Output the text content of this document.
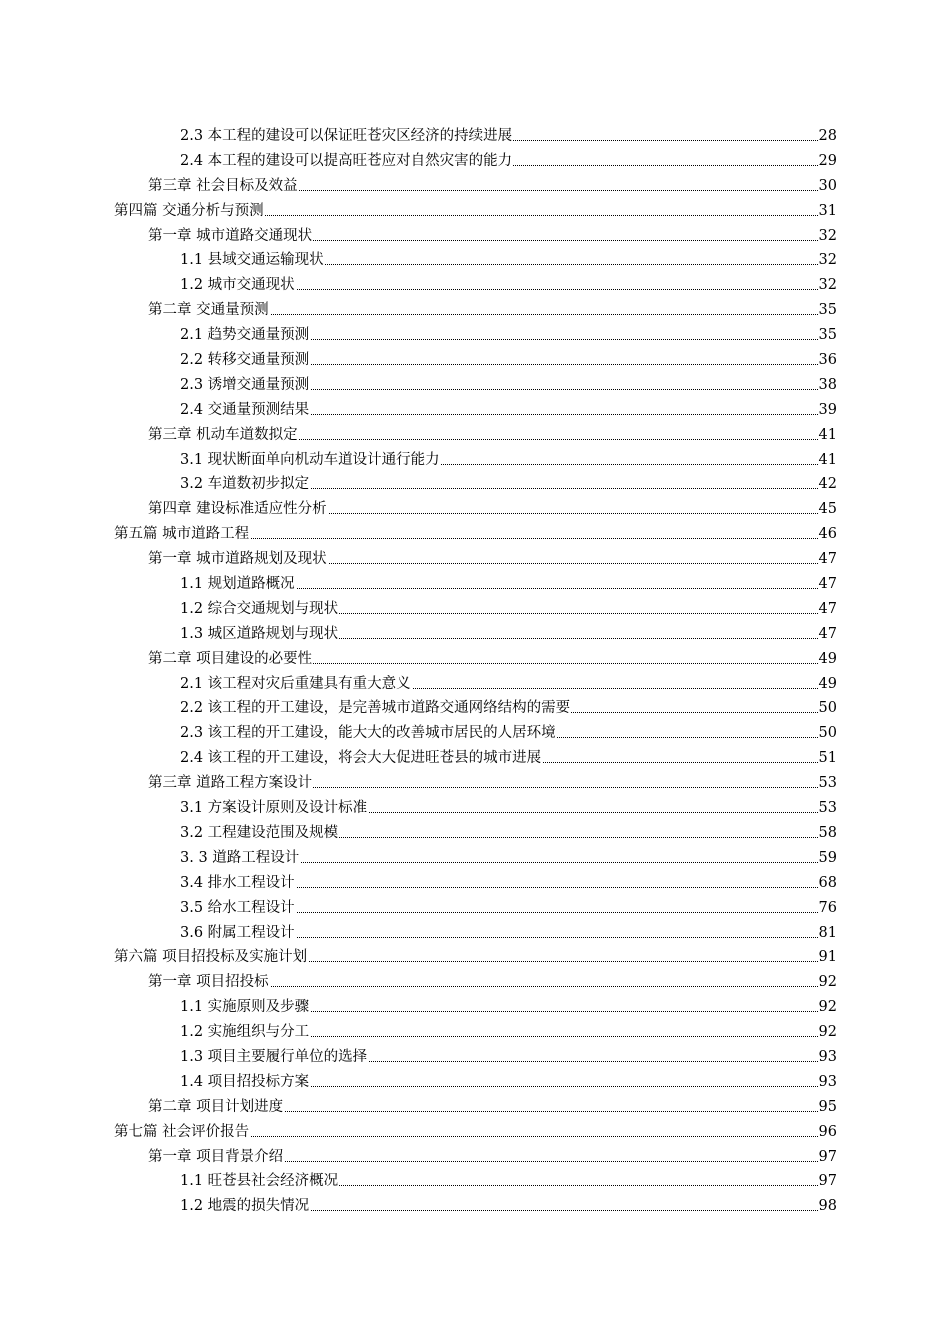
2.3 本工程的建设可以保证旺苍灾区经济的持续进展	28
2.4 本工程的建设可以提高旺苍应对自然灾害的能力	29
第三章 社会目标及效益	30
第四篇 交通分析与预测	31
第一章 城市道路交通现状	32
1.1 县域交通运输现状	32
1.2 城市交通现状	32
第二章 交通量预测	35
2.1 趋势交通量预测	35
2.2 转移交通量预测	36
2.3 诱增交通量预测	38
2.4 交通量预测结果	39
第三章 机动车道数拟定	41
3.1 现状断面单向机动车道设计通行能力	41
3.2 车道数初步拟定	42
第四章 建设标准适应性分析	45
第五篇 城市道路工程	46
第一章 城市道路规划及现状	47
1.1 规划道路概况	47
1.2 综合交通规划与现状	47
1.3 城区道路规划与现状	47
第二章 项目建设的必要性	49
2.1 该工程对灾后重建具有重大意义	49
2.2 该工程的开工建设，是完善城市道路交通网络结构的需要	50
2.3 该工程的开工建设，能大大的改善城市居民的人居环境	50
2.4 该工程的开工建设，将会大大促进旺苍县的城市进展	51
第三章 道路工程方案设计	53
3.1 方案设计原则及设计标准	53
3.2 工程建设范围及规模	58
3. 3 道路工程设计	59
3.4 排水工程设计	68
3.5 给水工程设计	76
3.6 附属工程设计	81
第六篇 项目招投标及实施计划	91
第一章 项目招投标	92
1.1 实施原则及步骤	92
1.2 实施组织与分工	92
1.3 项目主要履行单位的选择	93
1.4 项目招投标方案	93
第二章 项目计划进度	95
第七篇 社会评价报告	96
第一章 项目背景介绍	97
1.1 旺苍县社会经济概况	97
1.2 地震的损失情况	98
